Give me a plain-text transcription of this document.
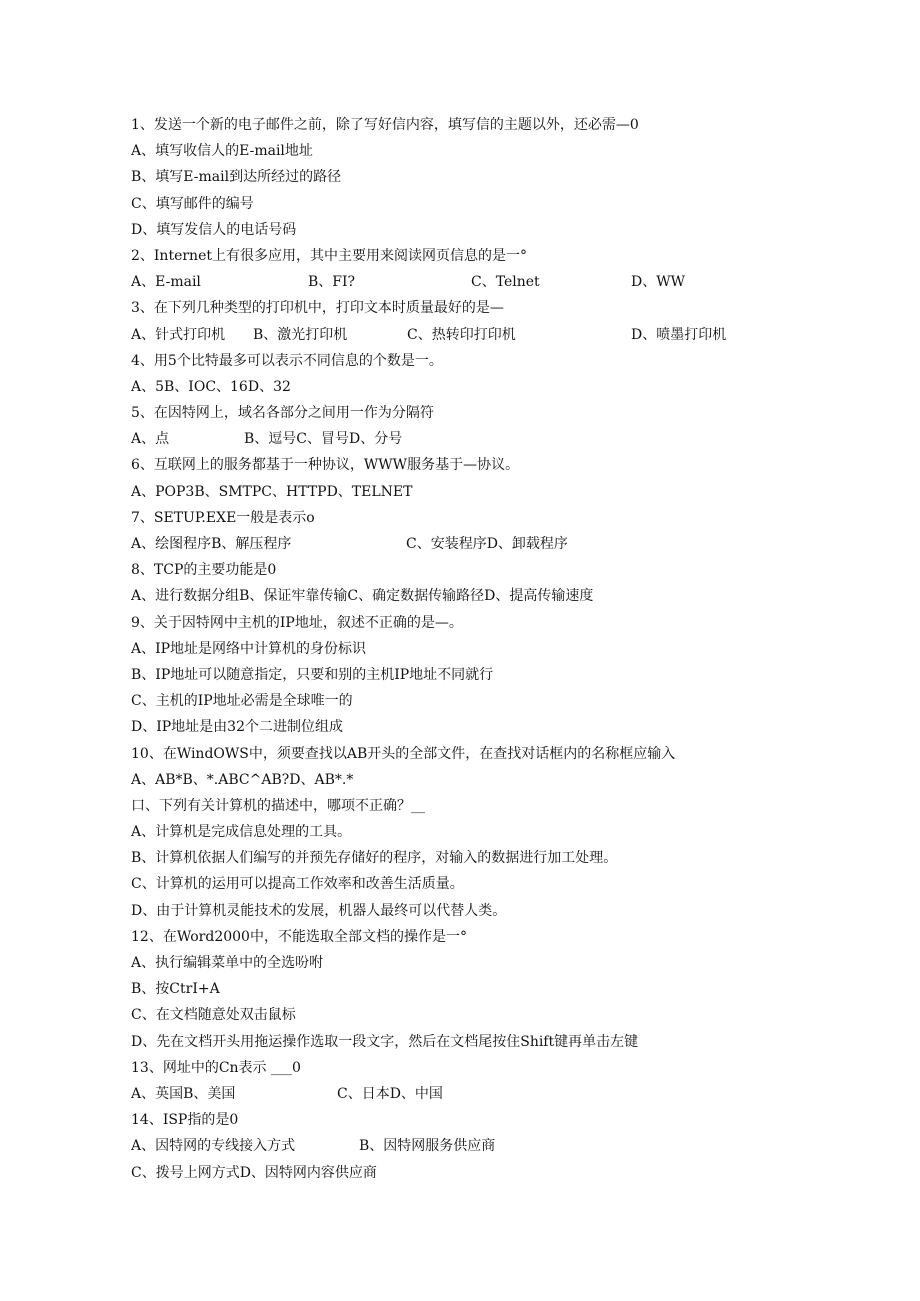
1、发送一个新的电子邮件之前，除了写好信内容，填写信的主题以外，还必需—0
A、填写收信人的E-mail地址
B、填写E-mail到达所经过的路径
C、填写邮件的编号
D、填写发信人的电话号码
2、Internet上有很多应用，其中主要用来阅读网页信息的是一°
A、E-mail	B、FI?	C、Telnet	D、WW
3、在下列几种类型的打印机中，打印文本时质量最好的是—
A、针式打印机	B、激光打印机	C、热转印打印机	D、喷墨打印机
4、用5个比特最多可以表示不同信息的个数是一。
A、5B、IOC、16D、32
5、在因特网上，域名各部分之间用一作为分隔符
A、点	B、逗号C、冒号D、分号
6、互联网上的服务都基于一种协议，WWW服务基于—协议。
A、POP3B、SMTPC、HTTPD、TELNET
7、SETUP.EXE一般是表示o
A、绘图程序B、解压程序	C、安装程序D、卸载程序
8、TCP的主要功能是0
A、进行数据分组B、保证牢靠传输C、确定数据传输路径D、提高传输速度
9、关于因特网中主机的IP地址，叙述不正确的是—。
A、IP地址是网络中计算机的身份标识
B、IP地址可以随意指定，只要和别的主机IP地址不同就行
C、主机的IP地址必需是全球唯一的
D、IP地址是由32个二进制位组成
10、在WindOWS中，须要查找以AB开头的全部文件，在查找对话框内的名称框应输入
A、AB*B、*.ABC^AB?D、AB*.*
口、下列有关计算机的描述中，哪项不正确？__
A、计算机是完成信息处理的工具。
B、计算机依据人们编写的并预先存储好的程序，对输入的数据进行加工处理。
C、计算机的运用可以提高工作效率和改善生活质量。
D、由于计算机灵能技术的发展，机器人最终可以代替人类。
12、在Word2000中，不能选取全部文档的操作是一°
A、执行编辑菜单中的全选吩咐
B、按CtrI+A
C、在文档随意处双击鼠标
D、先在文档开头用拖运操作选取一段文字，然后在文档尾按住Shift键再单击左键
13、网址中的Cn表示 ___0
A、英国B、美国	C、日本D、中国
14、ISP指的是0
A、因特网的专线接入方式	B、因特网服务供应商
C、拨号上网方式D、因特网内容供应商
